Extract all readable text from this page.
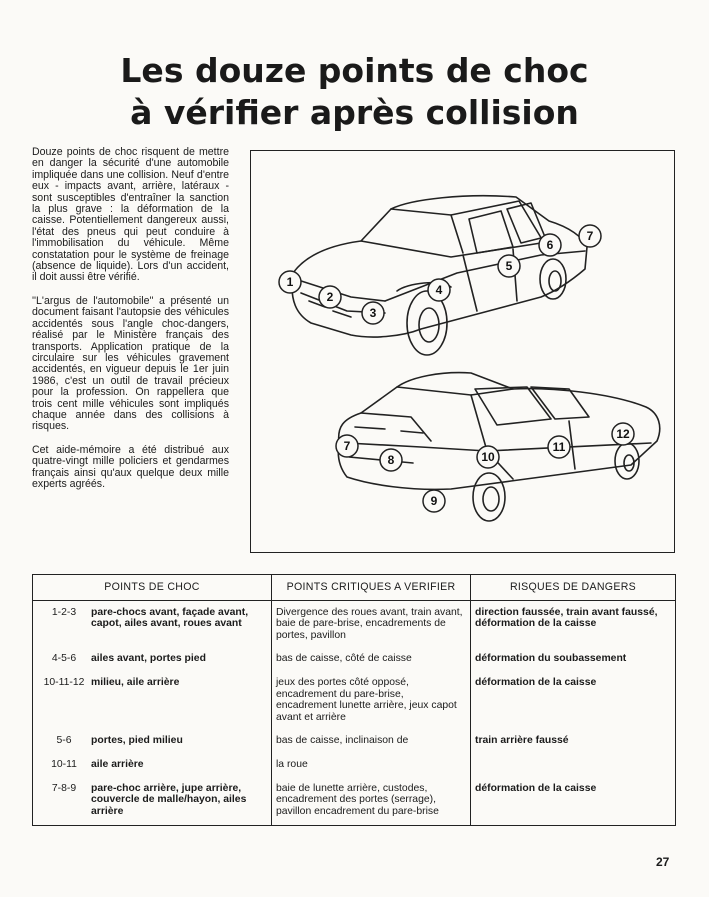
Les douze points de choc
à vérifier après collision

Douze points de choc risquent de mettre en danger la sécurité d'une automobile impliquée dans une collision. Neuf d'entre eux - impacts avant, arrière, latéraux - sont susceptibles d'entraîner la sanction la plus grave : la déformation de la caisse. Potentiellement dangereux aussi, l'état des pneus qui peut conduire à l'immobilisation du véhicule. Même constatation pour le système de freinage (absence de liquide). Lors d'un accident, il doit aussi être vérifié.

''L'argus de l'automobile'' a présenté un document faisant l'autopsie des véhicules accidentés sous l'angle choc-dangers, réalisé par le Ministère français des transports. Application pratique de la circulaire sur les véhicules gravement accidentés, en vigueur depuis le 1er juin 1986, c'est un outil de travail précieux pour la profession. On rappellera que trois cent mille véhicules sont impliqués chaque année dans des collisions à risques.

Cet aide-mémoire a été distribué aux quatre-vingt mille policiers et gendarmes français ainsi qu'aux quelque deux mille experts agréés.

1
2
3
4
5
6
7
7
8
9
10
11
12
POINTS DE CHOC	POINTS CRITIQUES A VERIFIER	RISQUES DE DANGERS
1-2-3 pare-chocs avant, façade avant, capot, ailes avant, roues avant	Divergence des roues avant, train avant, baie de pare-brise, encadrements de portes, pavillon	direction faussée, train avant faussé, déformation de la caisse
4-5-6 ailes avant, portes pied	bas de caisse, côté de caisse	déformation du soubassement
10-11-12 milieu, aile arrière	jeux des portes côté opposé, encadrement du pare-brise, encadrement lunette arrière, jeux capot avant et arrière	déformation de la caisse
5-6 portes, pied milieu	bas de caisse, inclinaison de	train arrière faussé
10-11 aile arrière	la roue	
7-8-9 pare-choc arrière, jupe arrière, couvercle de malle/hayon, ailes arrière	baie de lunette arrière, custodes, encadrement des portes (serrage), pavillon encadrement du pare-brise	déformation de la caisse
27
